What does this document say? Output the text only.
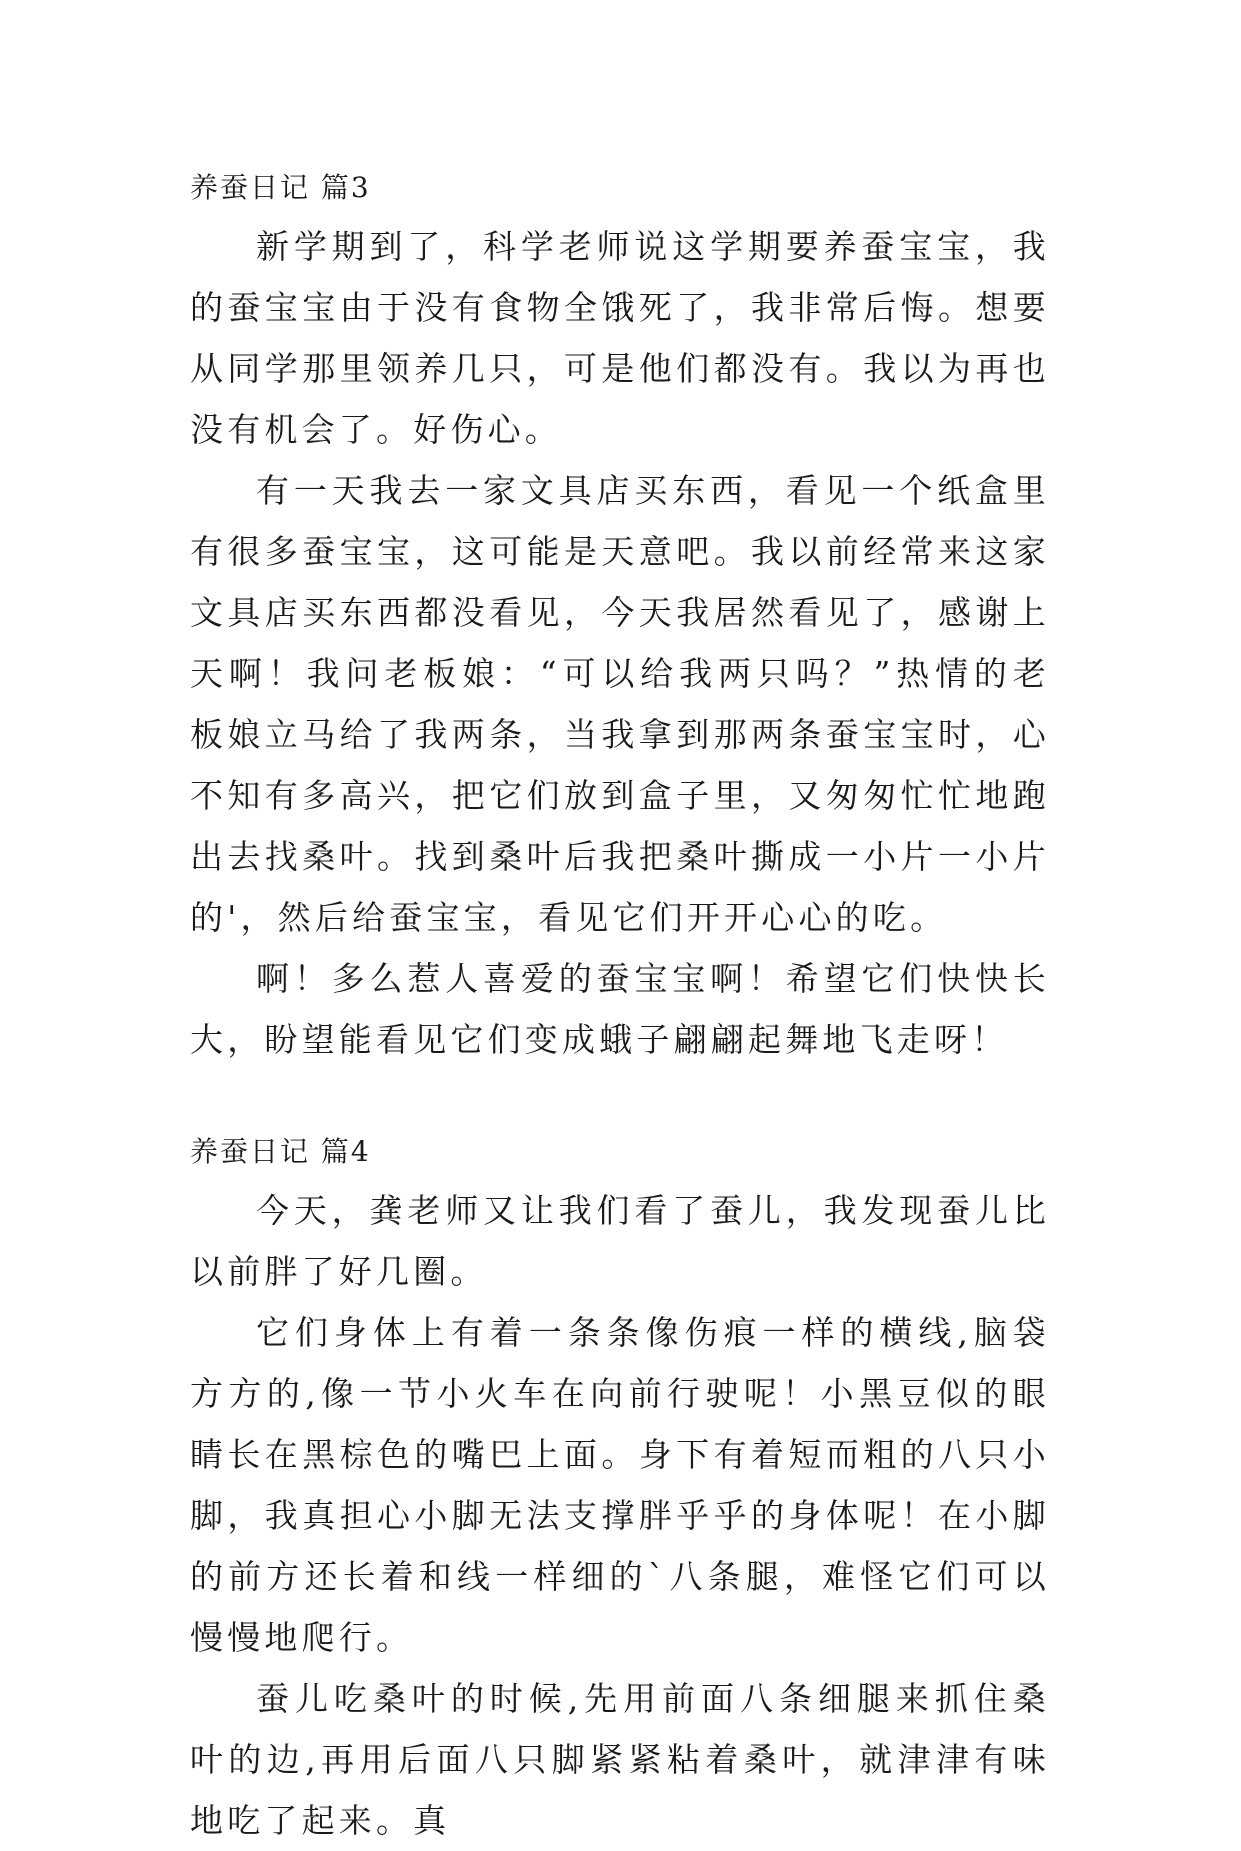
养蚕日记 篇3

新学期到了，科学老师说这学期要养蚕宝宝，我的蚕宝宝由于没有食物全饿死了，我非常后悔。想要从同学那里领养几只，可是他们都没有。我以为再也没有机会了。好伤心。

有一天我去一家文具店买东西，看见一个纸盒里有很多蚕宝宝，这可能是天意吧。我以前经常来这家文具店买东西都没看见，今天我居然看见了，感谢上天啊！我问老板娘：“可以给我两只吗？”热情的老板娘立马给了我两条，当我拿到那两条蚕宝宝时，心不知有多高兴，把它们放到盒子里，又匆匆忙忙地跑出去找桑叶。找到桑叶后我把桑叶撕成一小片一小片的'，然后给蚕宝宝，看见它们开开心心的吃。

啊！多么惹人喜爱的蚕宝宝啊！希望它们快快长大，盼望能看见它们变成蛾子翩翩起舞地飞走呀！

养蚕日记 篇4

今天，龚老师又让我们看了蚕儿，我发现蚕儿比以前胖了好几圈。

它们身体上有着一条条像伤痕一样的横线,脑袋方方的,像一节小火车在向前行驶呢！小黑豆似的眼睛长在黑棕色的嘴巴上面。身下有着短而粗的八只小脚，我真担心小脚无法支撑胖乎乎的身体呢！在小脚的前方还长着和线一样细的`八条腿，难怪它们可以慢慢地爬行。

蚕儿吃桑叶的时候,先用前面八条细腿来抓住桑叶的边,再用后面八只脚紧紧粘着桑叶，就津津有味地吃了起来。真
